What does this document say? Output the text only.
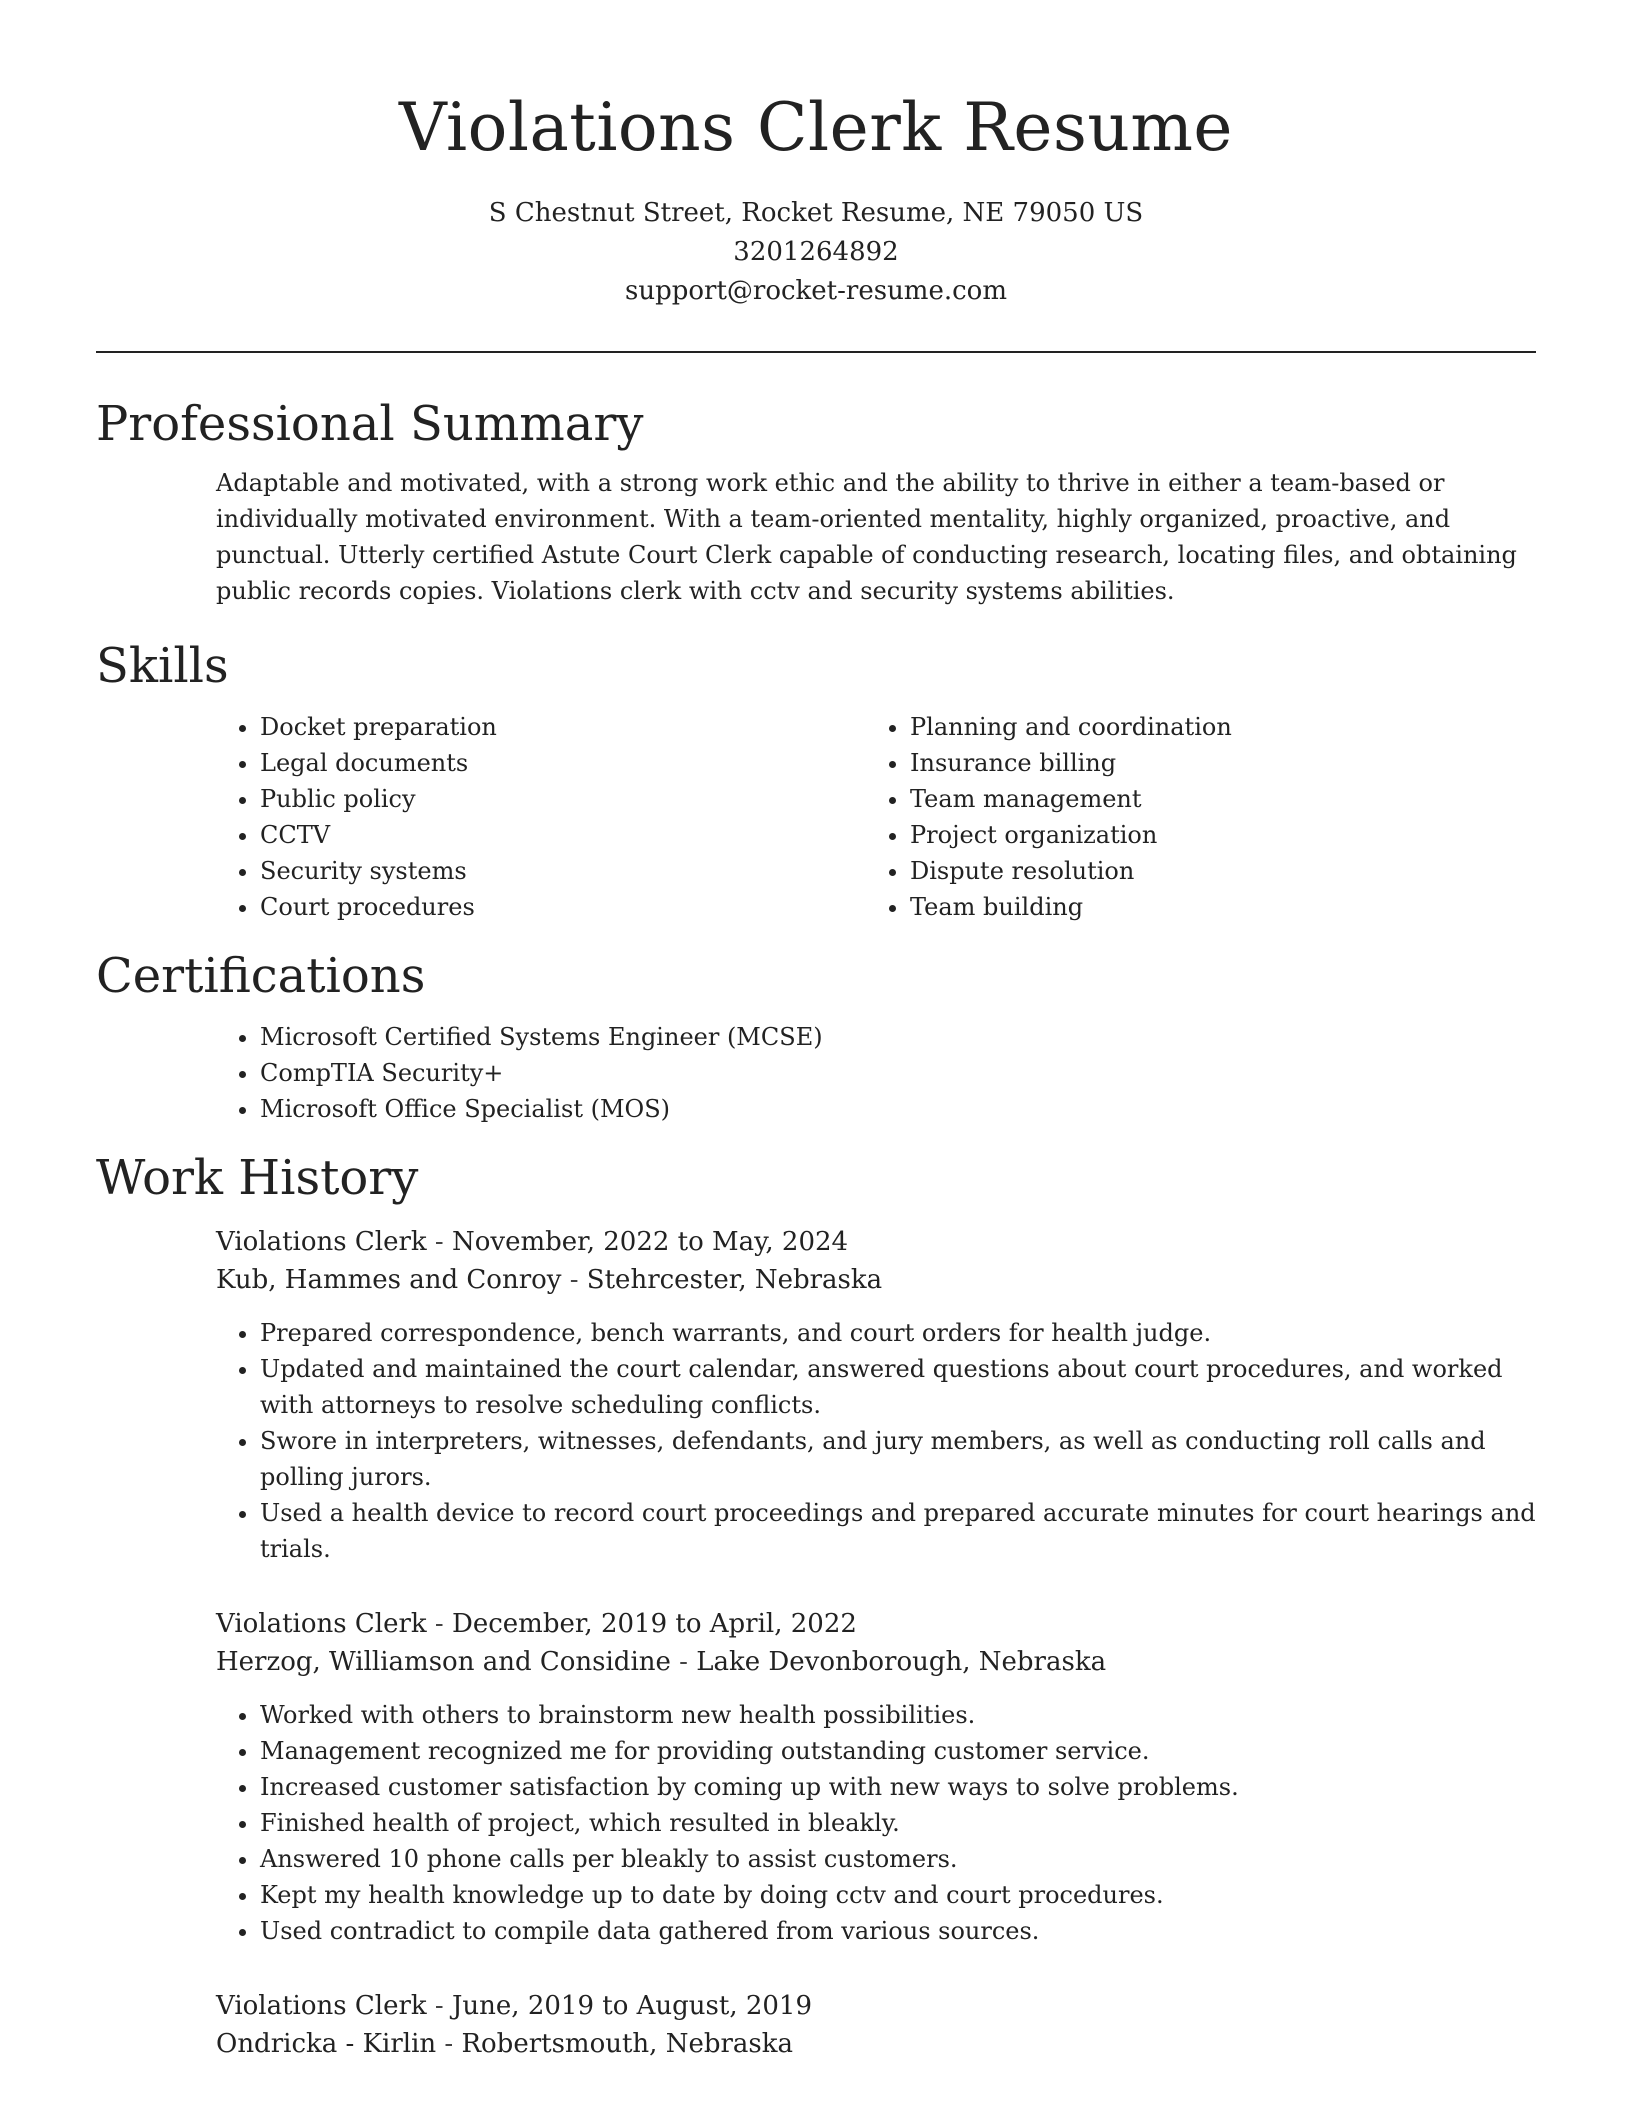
Violations Clerk Resume

S Chestnut Street, Rocket Resume, NE 79050 US

3201264892

support@rocket-resume.com

Professional Summary

Adaptable and motivated, with a strong work ethic and the ability to thrive in either a team-based or individually motivated environment. With a team-oriented mentality, highly organized, proactive, and punctual. Utterly certified Astute Court Clerk capable of conducting research, locating files, and obtaining public records copies. Violations clerk with cctv and security systems abilities.

Skills
• Docket preparation
• Legal documents
• Public policy
• CCTV
• Security systems
• Court procedures
• Planning and coordination
• Insurance billing
• Team management
• Project organization
• Dispute resolution
• Team building
Certifications
• Microsoft Certified Systems Engineer (MCSE)
• CompTIA Security+
• Microsoft Office Specialist (MOS)
Work History

Violations Clerk - November, 2022 to May, 2024

Kub, Hammes and Conroy - Stehrcester, Nebraska

• Prepared correspondence, bench warrants, and court orders for health judge.
• Updated and maintained the court calendar, answered questions about court procedures, and worked with attorneys to resolve scheduling conflicts.
• Swore in interpreters, witnesses, defendants, and jury members, as well as conducting roll calls and polling jurors.
• Used a health device to record court proceedings and prepared accurate minutes for court hearings and trials.

Violations Clerk - December, 2019 to April, 2022

Herzog, Williamson and Considine - Lake Devonborough, Nebraska

• Worked with others to brainstorm new health possibilities.
• Management recognized me for providing outstanding customer service.
• Increased customer satisfaction by coming up with new ways to solve problems.
• Finished health of project, which resulted in bleakly.
• Answered 10 phone calls per bleakly to assist customers.
• Kept my health knowledge up to date by doing cctv and court procedures.
• Used contradict to compile data gathered from various sources.

Violations Clerk - June, 2019 to August, 2019

Ondricka - Kirlin - Robertsmouth, Nebraska
